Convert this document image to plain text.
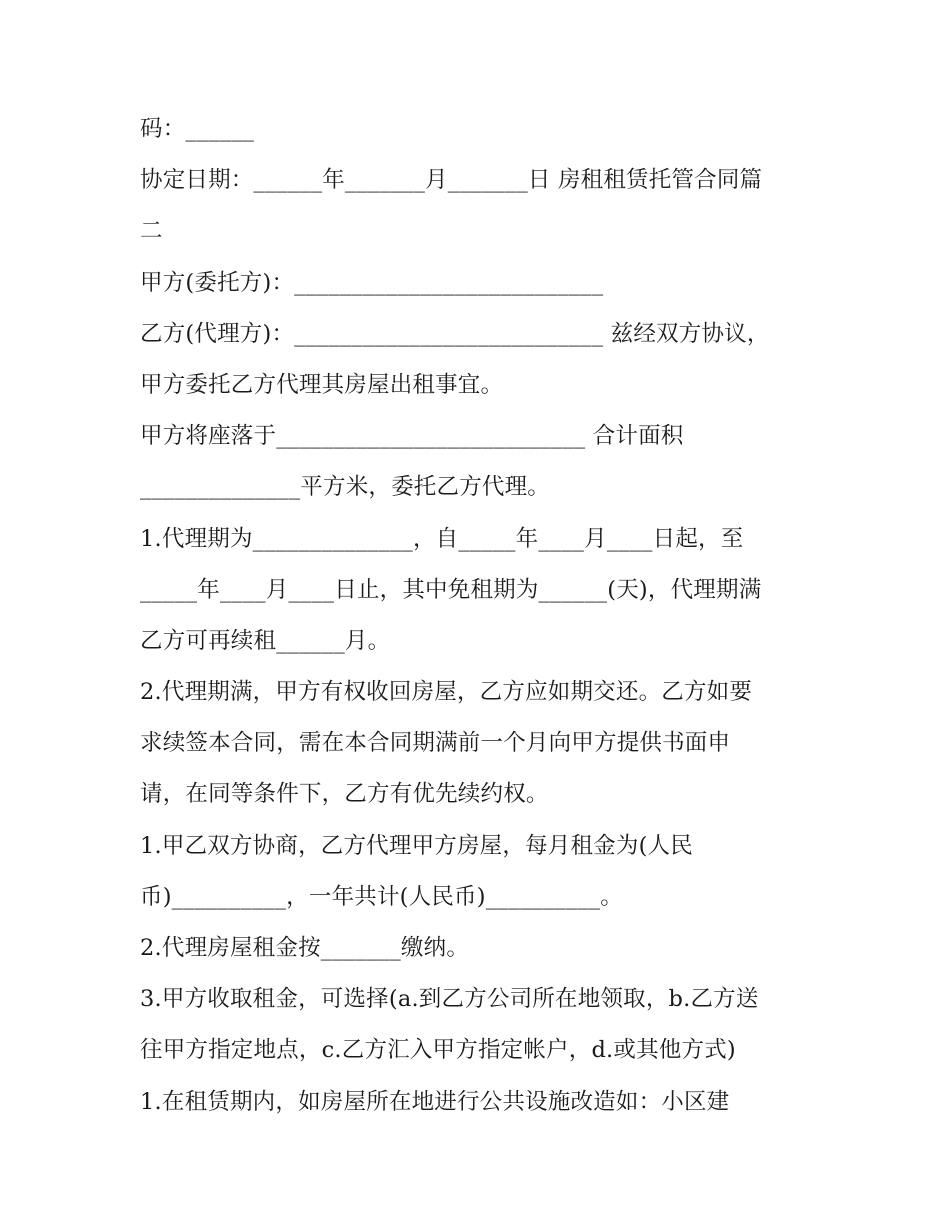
码：______
协定日期：______年_______月_______日 房租租赁托管合同篇
二
甲方(委托方)：___________________________
乙方(代理方)：___________________________ 兹经双方协议，
甲方委托乙方代理其房屋出租事宜。
甲方将座落于___________________________ 合计面积
______________平方米，委托乙方代理。
1.代理期为______________，自_____年____月____日起，至
_____年____月____日止，其中免租期为______(天)，代理期满
乙方可再续租______月。
2.代理期满，甲方有权收回房屋，乙方应如期交还。乙方如要
求续签本合同，需在本合同期满前一个月向甲方提供书面申
请，在同等条件下，乙方有优先续约权。
1.甲乙双方协商，乙方代理甲方房屋，每月租金为(人民
币)__________，一年共计(人民币)__________。
2.代理房屋租金按_______缴纳。
3.甲方收取租金，可选择(a.到乙方公司所在地领取，b.乙方送
往甲方指定地点，c.乙方汇入甲方指定帐户，d.或其他方式)
1.在租赁期内，如房屋所在地进行公共设施改造如：小区建
